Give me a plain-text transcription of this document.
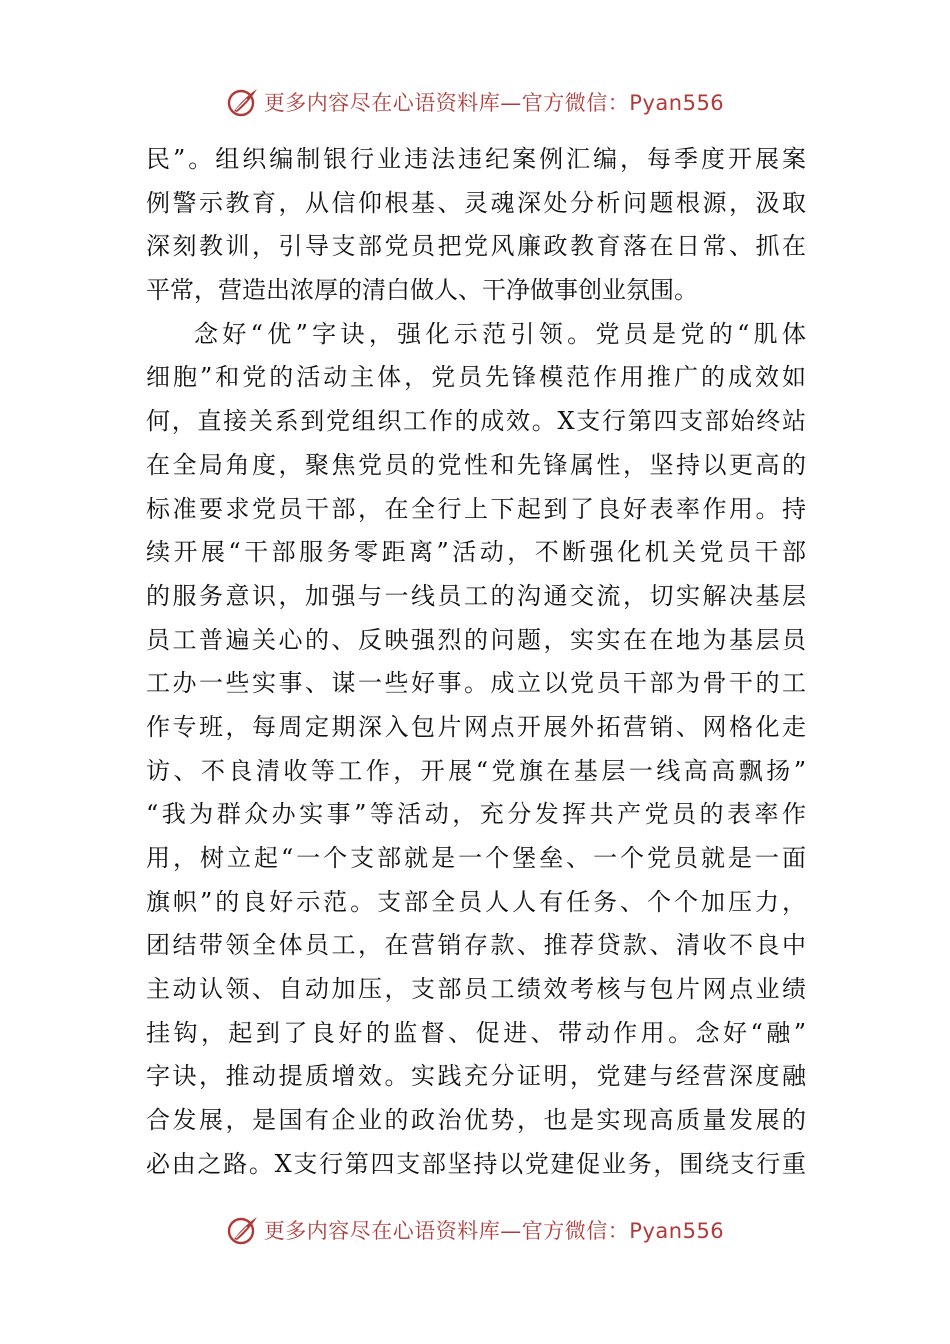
更多内容尽在心语资料库—官方微信：Pyan556
民”。组织编制银行业违法违纪案例汇编，每季度开展案
例警示教育，从信仰根基、灵魂深处分析问题根源，汲取
深刻教训，引导支部党员把党风廉政教育落在日常、抓在
平常，营造出浓厚的清白做人、干净做事创业氛围。
念好“优”字诀，强化示范引领。党员是党的“肌体
细胞”和党的活动主体，党员先锋模范作用推广的成效如
何，直接关系到党组织工作的成效。X支行第四支部始终站
在全局角度，聚焦党员的党性和先锋属性，坚持以更高的
标准要求党员干部，在全行上下起到了良好表率作用。持
续开展“干部服务零距离”活动，不断强化机关党员干部
的服务意识，加强与一线员工的沟通交流，切实解决基层
员工普遍关心的、反映强烈的问题，实实在在地为基层员
工办一些实事、谋一些好事。成立以党员干部为骨干的工
作专班，每周定期深入包片网点开展外拓营销、网格化走
访、不良清收等工作，开展“党旗在基层一线高高飘扬”
“我为群众办实事”等活动，充分发挥共产党员的表率作
用，树立起“一个支部就是一个堡垒、一个党员就是一面
旗帜”的良好示范。支部全员人人有任务、个个加压力，
团结带领全体员工，在营销存款、推荐贷款、清收不良中
主动认领、自动加压，支部员工绩效考核与包片网点业绩
挂钩，起到了良好的监督、促进、带动作用。念好“融”
字诀，推动提质增效。实践充分证明，党建与经营深度融
合发展，是国有企业的政治优势，也是实现高质量发展的
必由之路。X支行第四支部坚持以党建促业务，围绕支行重
更多内容尽在心语资料库—官方微信：Pyan556
